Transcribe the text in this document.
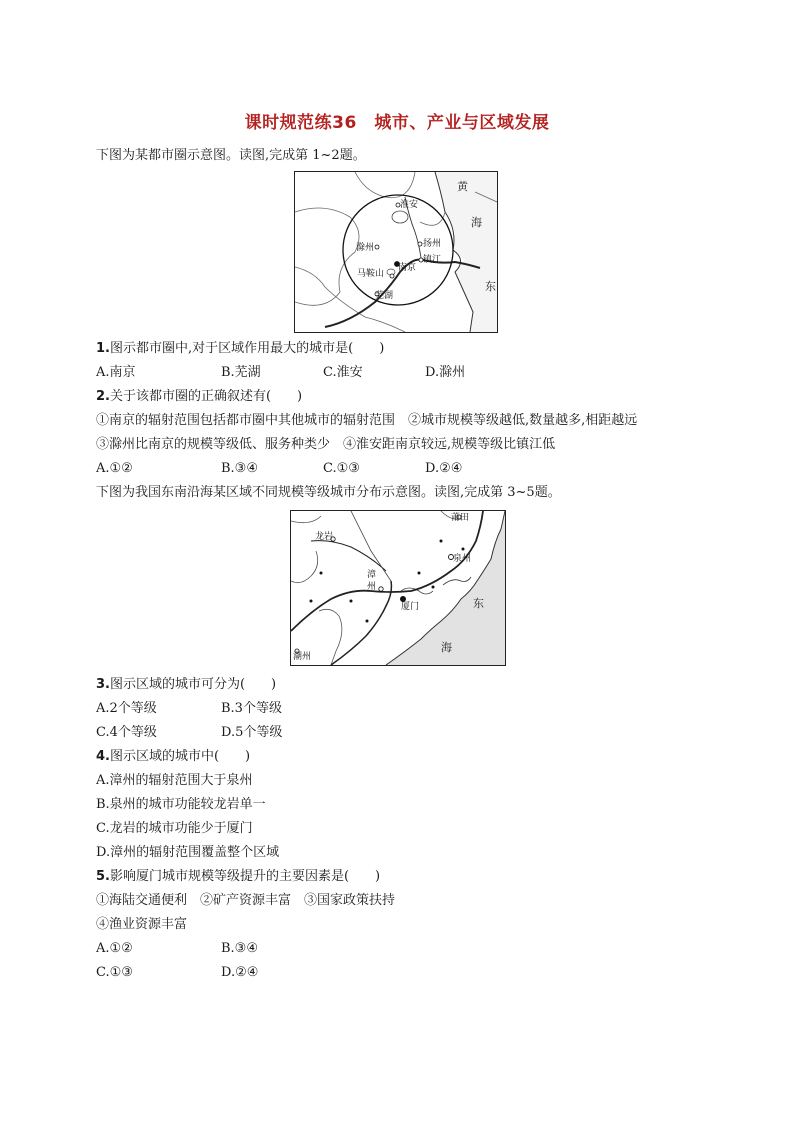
课时规范练36　城市、产业与区域发展
下图为某都市圈示意图。读图,完成第 1~2题。
黄
海
东
淮安
扬州
镇江
滁州
南京
马鞍山
芜湖
1.图示都市圈中,对于区域作用最大的城市是(　　)
A.南京	B.芜湖	C.淮安	D.滁州
2.关于该都市圈的正确叙述有(　　)
①南京的辐射范围包括都市圈中其他城市的辐射范围　②城市规模等级越低,数量越多,相距越远
③滁州比南京的规模等级低、服务种类少　④淮安距南京较远,规模等级比镇江低
A.①②	B.③④	C.①③	D.②④
下图为我国东南沿海某区域不同规模等级城市分布示意图。读图,完成第 3~5题。
莆田
龙岩
泉州
漳
州
厦门
潮州
东
海
3.图示区域的城市可分为(　　)
A.2个等级	B.3个等级
C.4个等级	D.5个等级
4.图示区域的城市中(　　)
A.漳州的辐射范围大于泉州
B.泉州的城市功能较龙岩单一
C.龙岩的城市功能少于厦门
D.漳州的辐射范围覆盖整个区域
5.影响厦门城市规模等级提升的主要因素是(　　)
①海陆交通便利　②矿产资源丰富　③国家政策扶持
④渔业资源丰富
A.①②	B.③④
C.①③	D.②④
